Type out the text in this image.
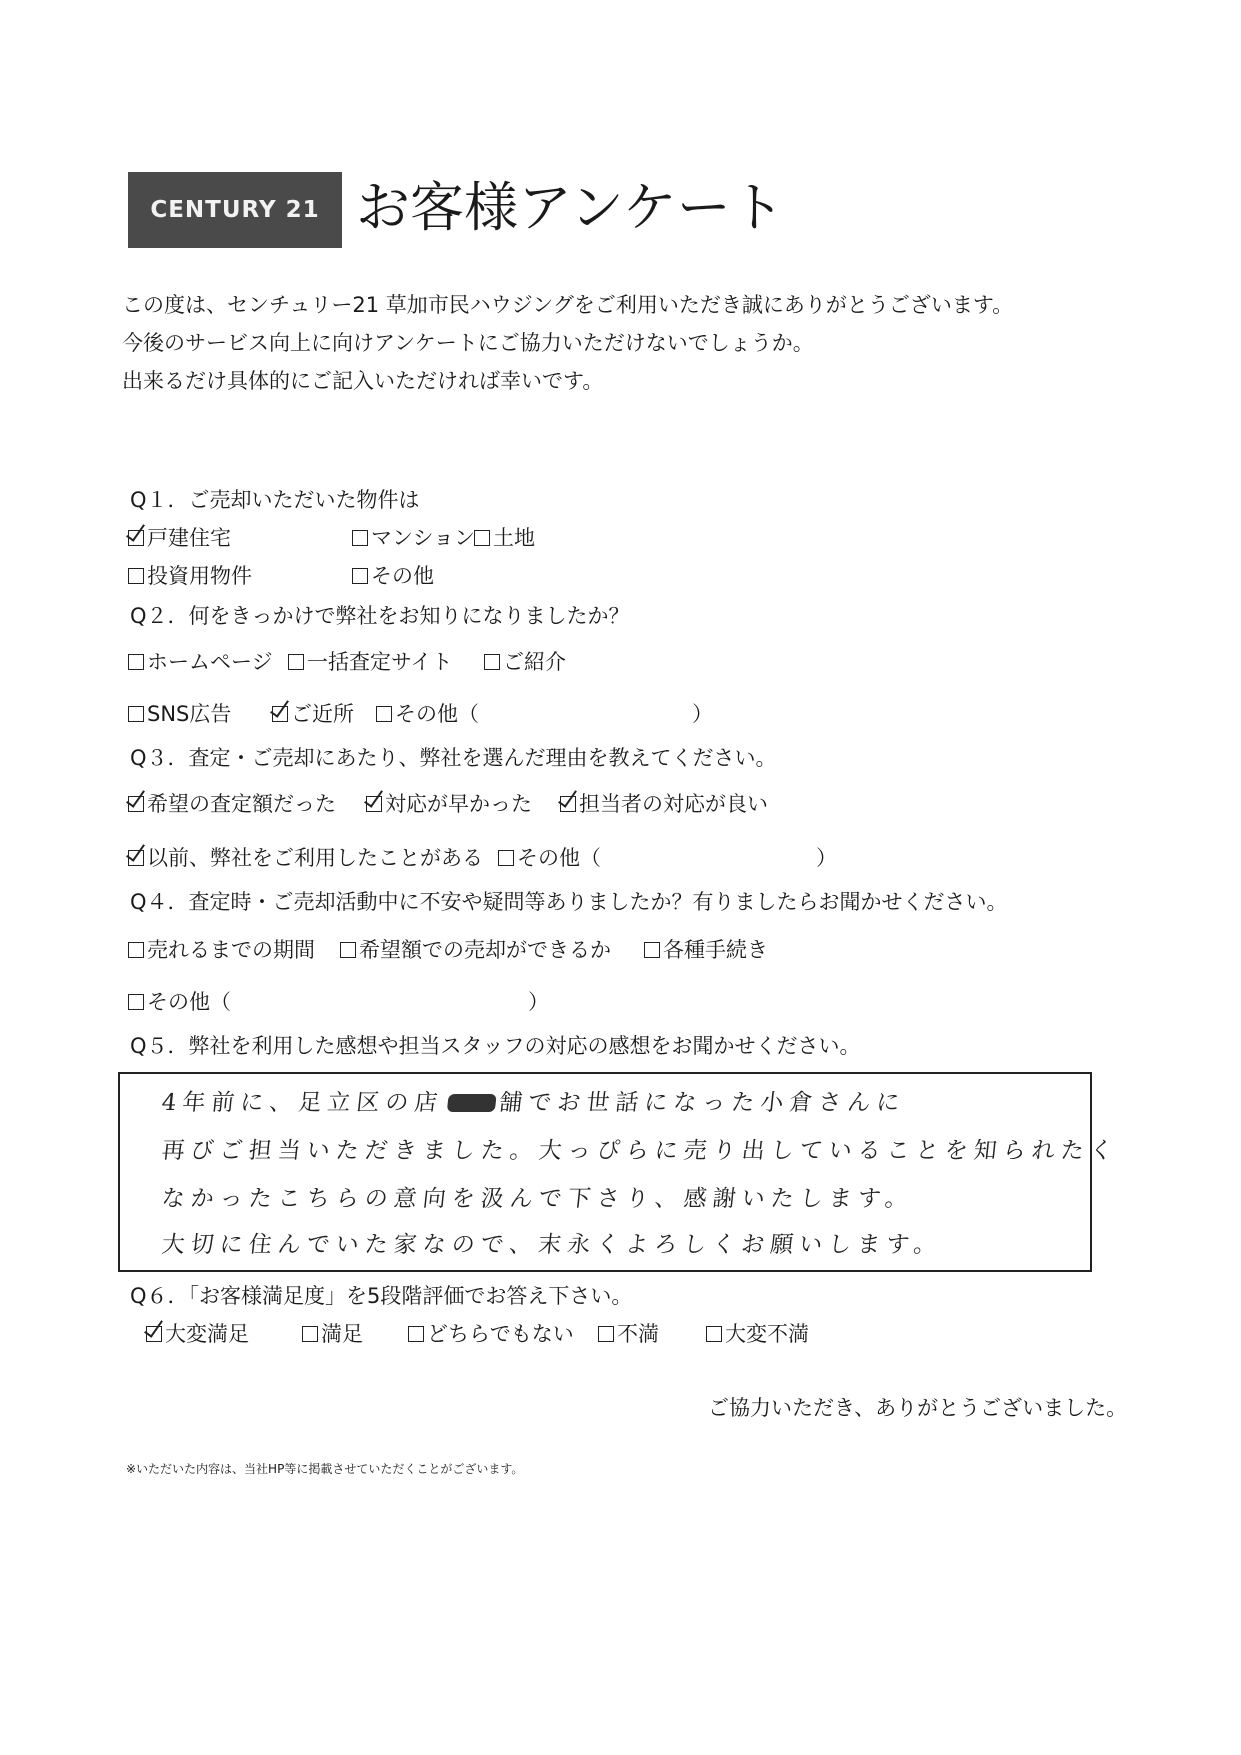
CENTURY 21 お客様アンケート
この度は、センチュリー21 草加市民ハウジングをご利用いただき誠にありがとうございます。
今後のサービス向上に向けアンケートにご協力いただけないでしょうか。
出来るだけ具体的にご記入いただければ幸いです。
Q１．ご売却いただいた物件は
戸建住宅	マンション 土地
投資用物件	その他
Q２．何をきっかけで弊社をお知りになりましたか？
ホームページ	一括査定サイト	ご紹介
SNS広告	ご近所	その他（	）
Q３．査定・ご売却にあたり、弊社を選んだ理由を教えてください。
希望の査定額だった	対応が早かった	担当者の対応が良い
以前、弊社をご利用したことがある	その他（	）
Q４．査定時・ご売却活動中に不安や疑問等ありましたか？有りましたらお聞かせください。
売れるまでの期間	希望額での売却ができるか	各種手続き
その他（	）
Q５．弊社を利用した感想や担当スタッフの対応の感想をお聞かせください。
4年前に、足立区の店 舗でお世話になった小倉さんに
再びご担当いただきました。大っぴらに売り出していることを知られたく
なかったこちらの意向を汲んで下さり、感謝いたします。
大切に住んでいた家なので、末永くよろしくお願いします。
Q６．「お客様満足度」を5段階評価でお答え下さい。
大変満足	満足	どちらでもない	不満	大変不満
ご協力いただき、ありがとうございました。
※いただいた内容は、当社HP等に掲載させていただくことがございます。
